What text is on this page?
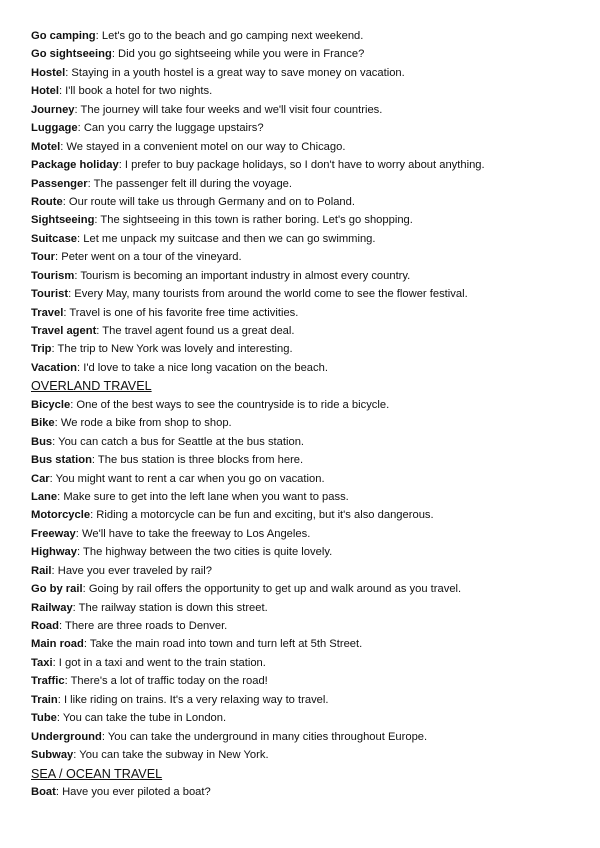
Go camping: Let's go to the beach and go camping next weekend.
Go sightseeing: Did you go sightseeing while you were in France?
Hostel: Staying in a youth hostel is a great way to save money on vacation.
Hotel: I'll book a hotel for two nights.
Journey: The journey will take four weeks and we'll visit four countries.
Luggage: Can you carry the luggage upstairs?
Motel: We stayed in a convenient motel on our way to Chicago.
Package holiday: I prefer to buy package holidays, so I don't have to worry about anything.
Passenger: The passenger felt ill during the voyage.
Route: Our route will take us through Germany and on to Poland.
Sightseeing: The sightseeing in this town is rather boring. Let's go shopping.
Suitcase: Let me unpack my suitcase and then we can go swimming.
Tour: Peter went on a tour of the vineyard.
Tourism: Tourism is becoming an important industry in almost every country.
Tourist: Every May, many tourists from around the world come to see the flower festival.
Travel: Travel is one of his favorite free time activities.
Travel agent: The travel agent found us a great deal.
Trip: The trip to New York was lovely and interesting.
Vacation: I'd love to take a nice long vacation on the beach.
OVERLAND TRAVEL
Bicycle: One of the best ways to see the countryside is to ride a bicycle.
Bike: We rode a bike from shop to shop.
Bus: You can catch a bus for Seattle at the bus station.
Bus station: The bus station is three blocks from here.
Car: You might want to rent a car when you go on vacation.
Lane: Make sure to get into the left lane when you want to pass.
Motorcycle: Riding a motorcycle can be fun and exciting, but it's also dangerous.
Freeway: We'll have to take the freeway to Los Angeles.
Highway: The highway between the two cities is quite lovely.
Rail: Have you ever traveled by rail?
Go by rail: Going by rail offers the opportunity to get up and walk around as you travel.
Railway: The railway station is down this street.
Road: There are three roads to Denver.
Main road: Take the main road into town and turn left at 5th Street.
Taxi: I got in a taxi and went to the train station.
Traffic: There's a lot of traffic today on the road!
Train: I like riding on trains. It's a very relaxing way to travel.
Tube: You can take the tube in London.
Underground: You can take the underground in many cities throughout Europe.
Subway: You can take the subway in New York.
SEA / OCEAN TRAVEL
Boat: Have you ever piloted a boat?
